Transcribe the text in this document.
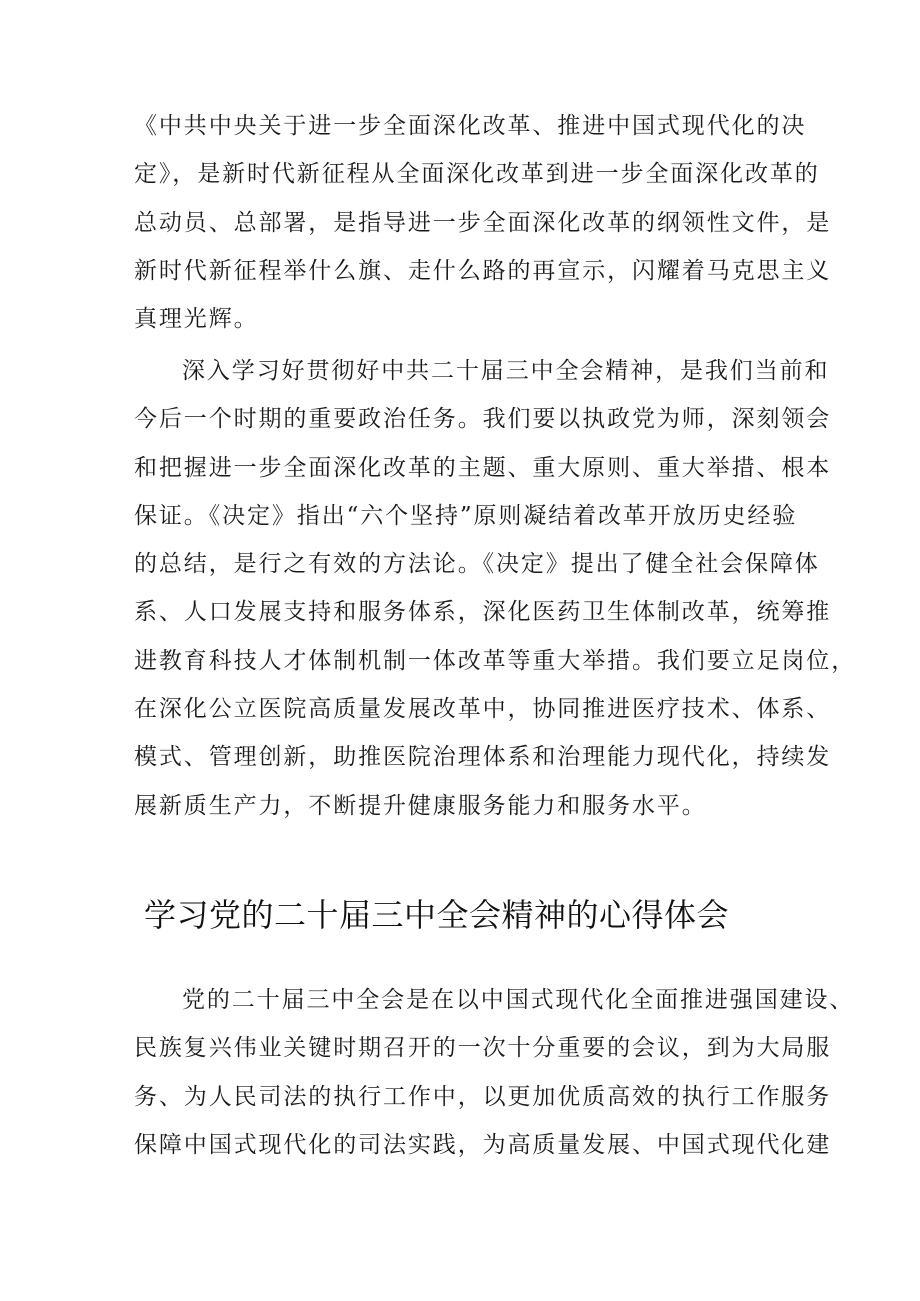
《中共中央关于进一步全面深化改革、推进中国式现代化的决
定》，是新时代新征程从全面深化改革到进一步全面深化改革的
总动员、总部署，是指导进一步全面深化改革的纲领性文件，是
新时代新征程举什么旗、走什么路的再宣示，闪耀着马克思主义
真理光辉。
深入学习好贯彻好中共二十届三中全会精神，是我们当前和
今后一个时期的重要政治任务。我们要以执政党为师，深刻领会
和把握进一步全面深化改革的主题、重大原则、重大举措、根本
保证。《决定》指出“六个坚持”原则凝结着改革开放历史经验
的总结，是行之有效的方法论。《决定》提出了健全社会保障体
系、人口发展支持和服务体系，深化医药卫生体制改革，统筹推
进教育科技人才体制机制一体改革等重大举措。我们要立足岗位，
在深化公立医院高质量发展改革中，协同推进医疗技术、体系、
模式、管理创新，助推医院治理体系和治理能力现代化，持续发
展新质生产力，不断提升健康服务能力和服务水平。
学习党的二十届三中全会精神的心得体会
党的二十届三中全会是在以中国式现代化全面推进强国建设、
民族复兴伟业关键时期召开的一次十分重要的会议，到为大局服
务、为人民司法的执行工作中，以更加优质高效的执行工作服务
保障中国式现代化的司法实践，为高质量发展、中国式现代化建
